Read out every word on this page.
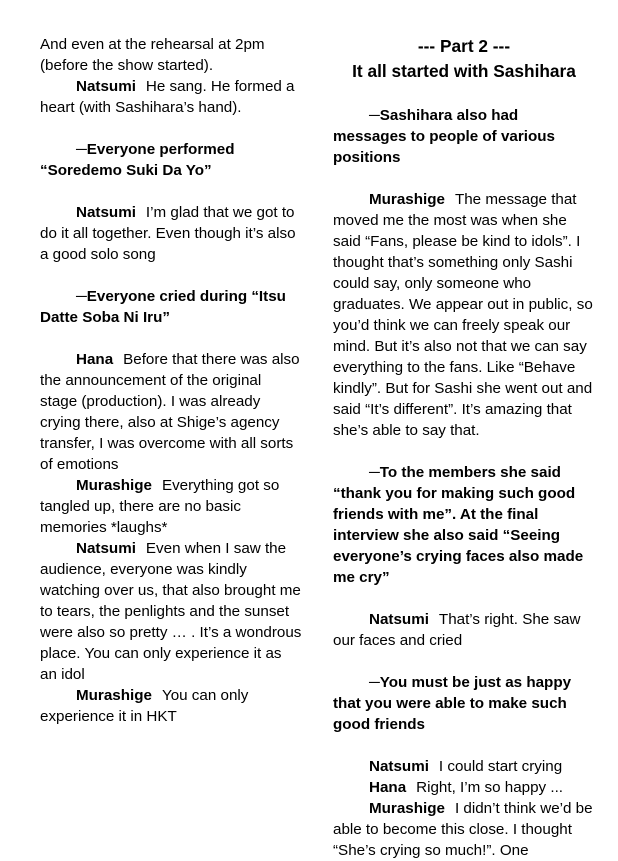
And even at the rehearsal at 2pm (before the show started).

Natsumi He sang. He formed a heart (with Sashihara’s hand).

─Everyone performed “Soredemo Suki Da Yo”

Natsumi I’m glad that we got to do it all together. Even though it’s also a good solo song

─Everyone cried during “Itsu Datte Soba Ni Iru”

Hana Before that there was also the announcement of the original stage (production). I was already crying there, also at Shige’s agency transfer, I was overcome with all sorts of emotions

Murashige Everything got so tangled up, there are no basic memories *laughs*

Natsumi Even when I saw the audience, everyone was kindly watching over us, that also brought me to tears, the penlights and the sunset were also so pretty … . It’s a wondrous place. You can only experience it as an idol

Murashige You can only experience it in HKT

--- Part 2 ---

It all started with Sashihara

─Sashihara also had messages to people of various positions

Murashige The message that moved me the most was when she said “Fans, please be kind to idols”. I thought that’s something only Sashi could say, only someone who graduates. We appear out in public, so you’d think we can freely speak our mind. But it’s also not that we can say everything to the fans. Like “Behave kindly”. But for Sashi she went out and said “It’s different”. It’s amazing that she’s able to say that.

─To the members she said “thank you for making such good friends with me”. At the final interview she also said “Seeing everyone’s crying faces also made me cry”

Natsumi That’s right. She saw our faces and cried

─You must be just as happy that you were able to make such good friends

Natsumi I could start crying

Hana Right, I’m so happy ...

Murashige I didn’t think we’d be able to become this close. I thought “She’s crying so much!”. One
